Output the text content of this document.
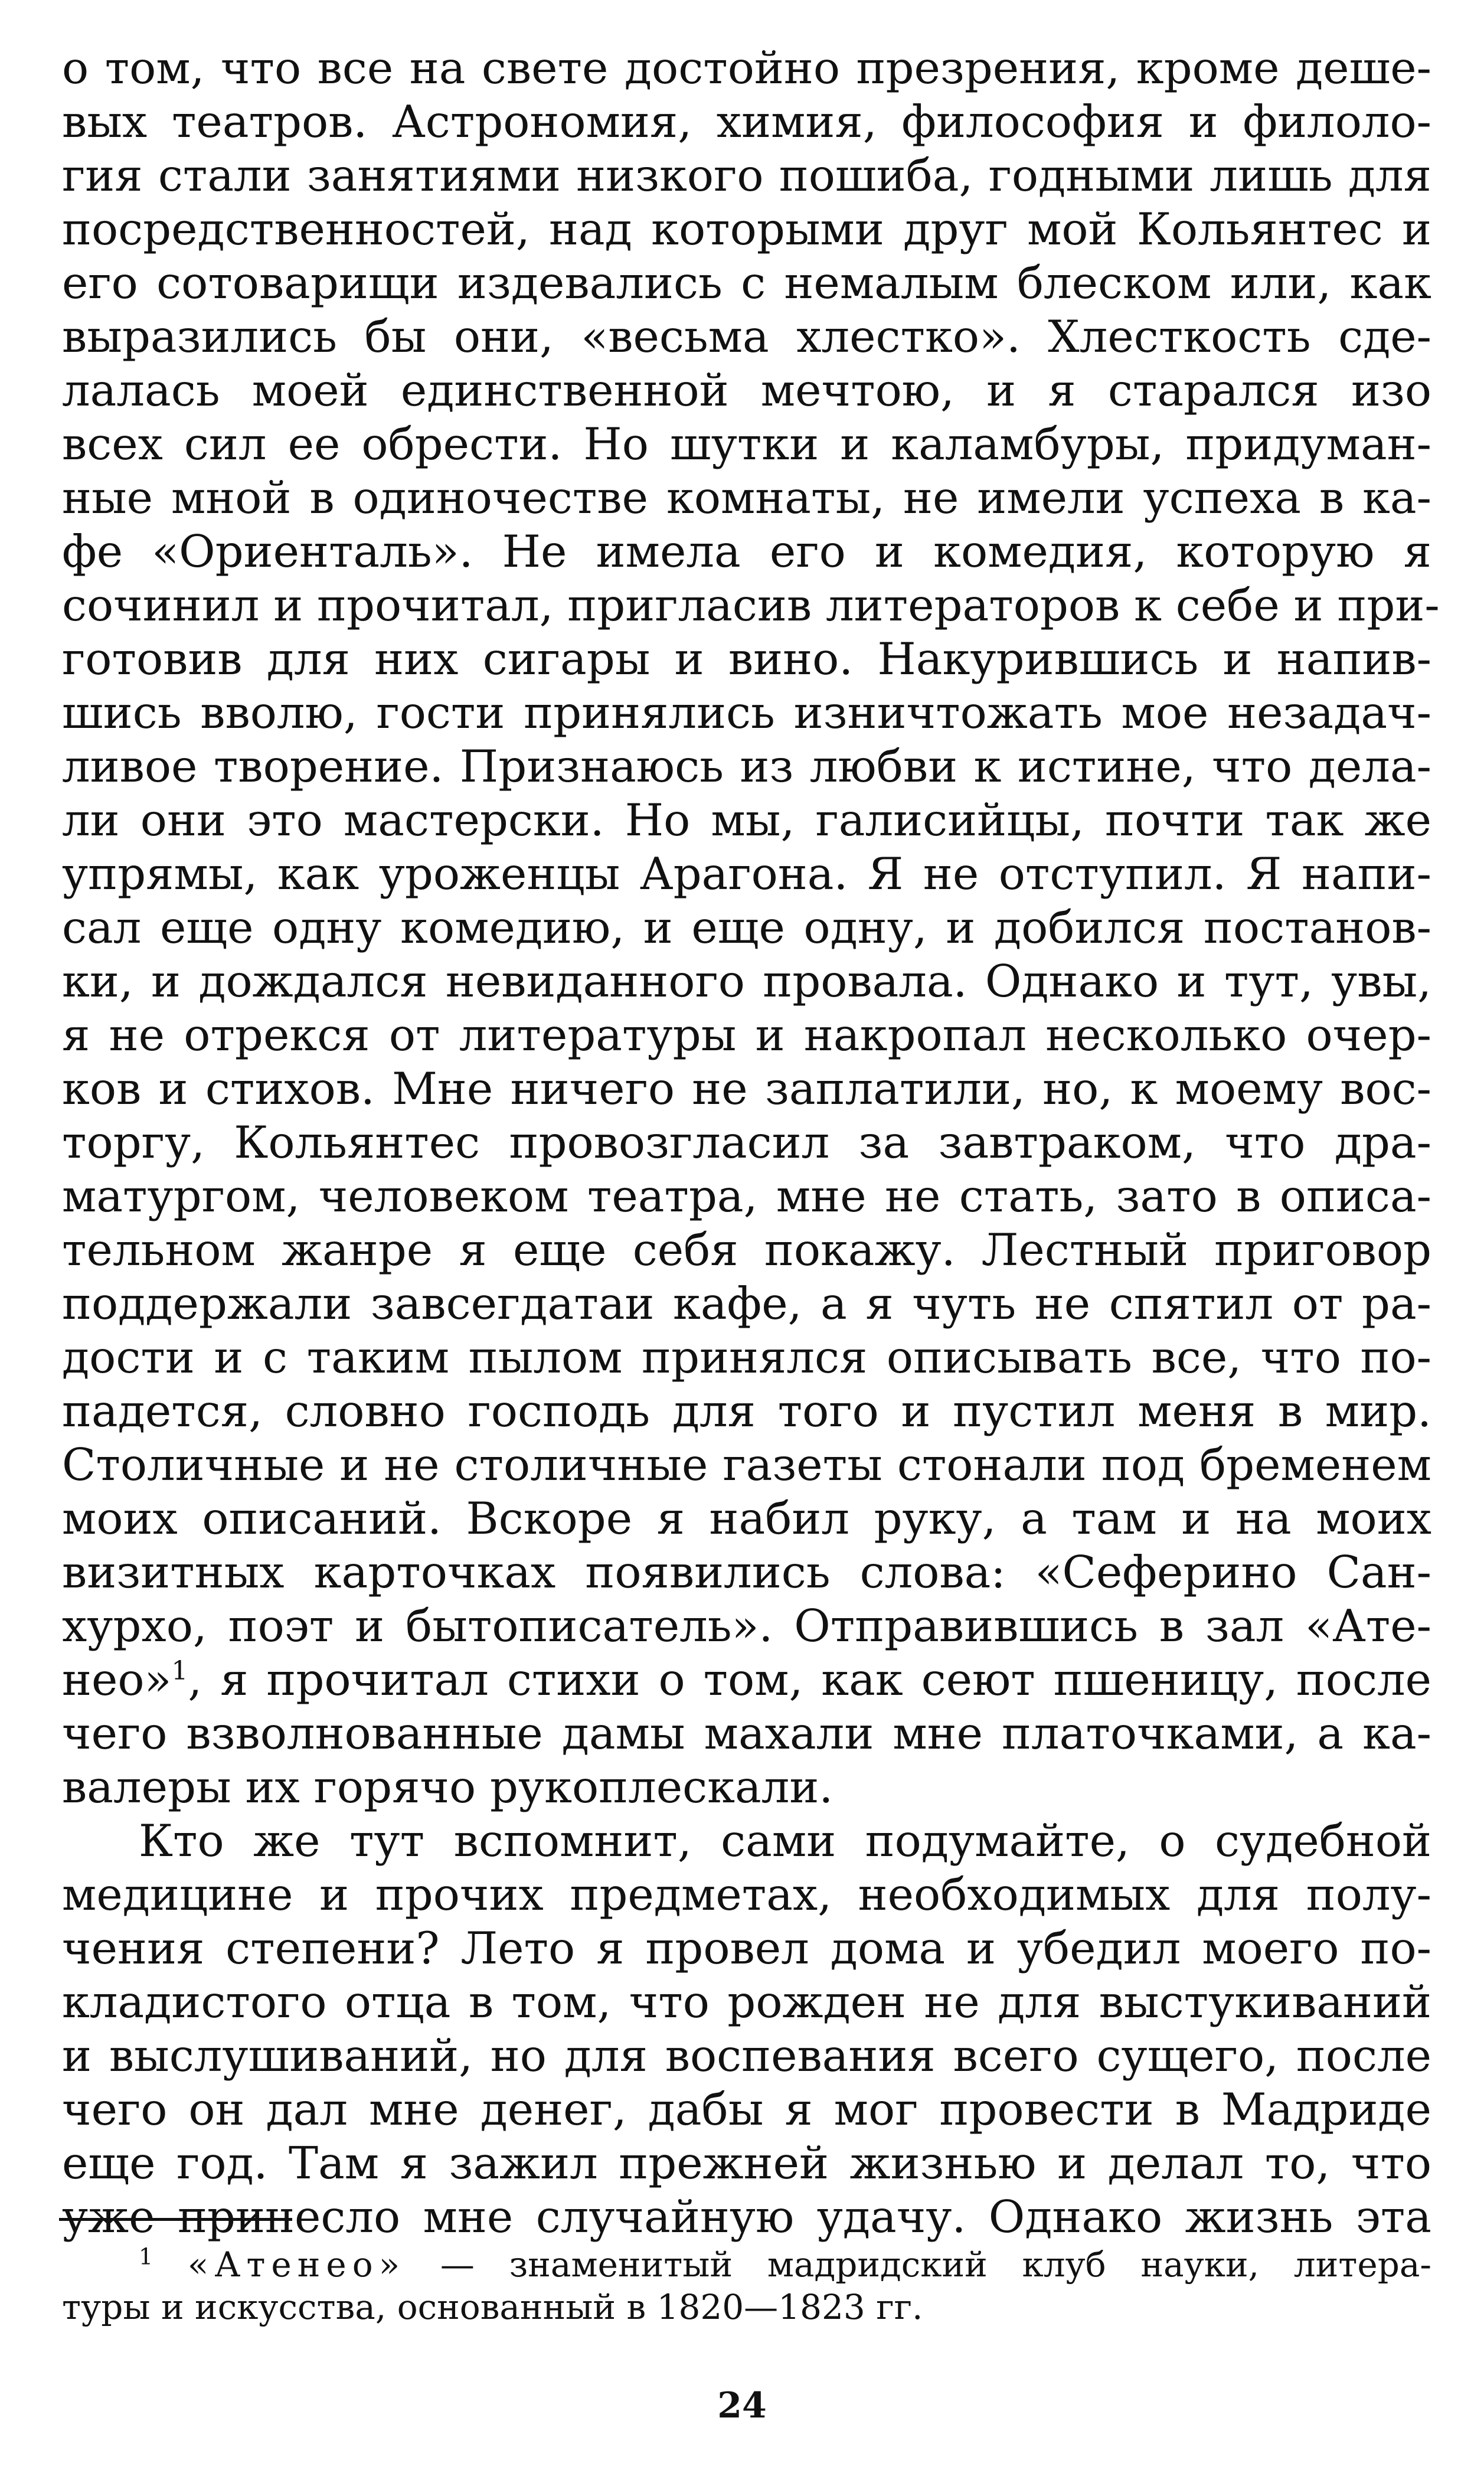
о том, что все на свете достойно презрения, кроме деше-
вых театров. Астрономия, химия, философия и филоло-
гия стали занятиями низкого пошиба, годными лишь для
посредственностей, над которыми друг мой Кольянтес и
его сотоварищи издевались с немалым блеском или, как
выразились бы они, «весьма хлестко». Хлесткость сде-
лалась моей единственной мечтою, и я старался изо
всех сил ее обрести. Но шутки и каламбуры, придуман-
ные мной в одиночестве комнаты, не имели успеха в ка-
фе «Ориенталь». Не имела его и комедия, которую я
сочинил и прочитал, пригласив литераторов к себе и при-
готовив для них сигары и вино. Накурившись и напив-
шись вволю, гости принялись изничтожать мое незадач-
ливое творение. Признаюсь из любви к истине, что дела-
ли они это мастерски. Но мы, галисийцы, почти так же
упрямы, как уроженцы Арагона. Я не отступил. Я напи-
сал еще одну комедию, и еще одну, и добился постанов-
ки, и дождался невиданного провала. Однако и тут, увы,
я не отрекся от литературы и накропал несколько очер-
ков и стихов. Мне ничего не заплатили, но, к моему вос-
торгу, Кольянтес провозгласил за завтраком, что дра-
матургом, человеком театра, мне не стать, зато в описа-
тельном жанре я еще себя покажу. Лестный приговор
поддержали завсегдатаи кафе, а я чуть не спятил от ра-
дости и с таким пылом принялся описывать все, что по-
падется, словно господь для того и пустил меня в мир.
Столичные и не столичные газеты стонали под бременем
моих описаний. Вскоре я набил руку, а там и на моих
визитных карточках появились слова: «Сеферино Сан-
хурхо, поэт и бытописатель». Отправившись в зал «Ате-
нео»$^1$, я прочитал стихи о том, как сеют пшеницу, после
чего взволнованные дамы махали мне платочками, а ка-
валеры их горячо рукоплескали.
Кто же тут вспомнит, сами подумайте, о судебной
медицине и прочих предметах, необходимых для полу-
чения степени? Лето я провел дома и убедил моего по-
кладистого отца в том, что рожден не для выстукиваний
и выслушиваний, но для воспевания всего сущего, после
чего он дал мне денег, дабы я мог провести в Мадриде
еще год. Там я зажил прежней жизнью и делал то, что
уже принесло мне случайную удачу. Однако жизнь эта
$^1$ «Атенео» — знаменитый мадридский клуб науки, литера-
туры и искусства, основанный в 1820—1823 гг.
24
